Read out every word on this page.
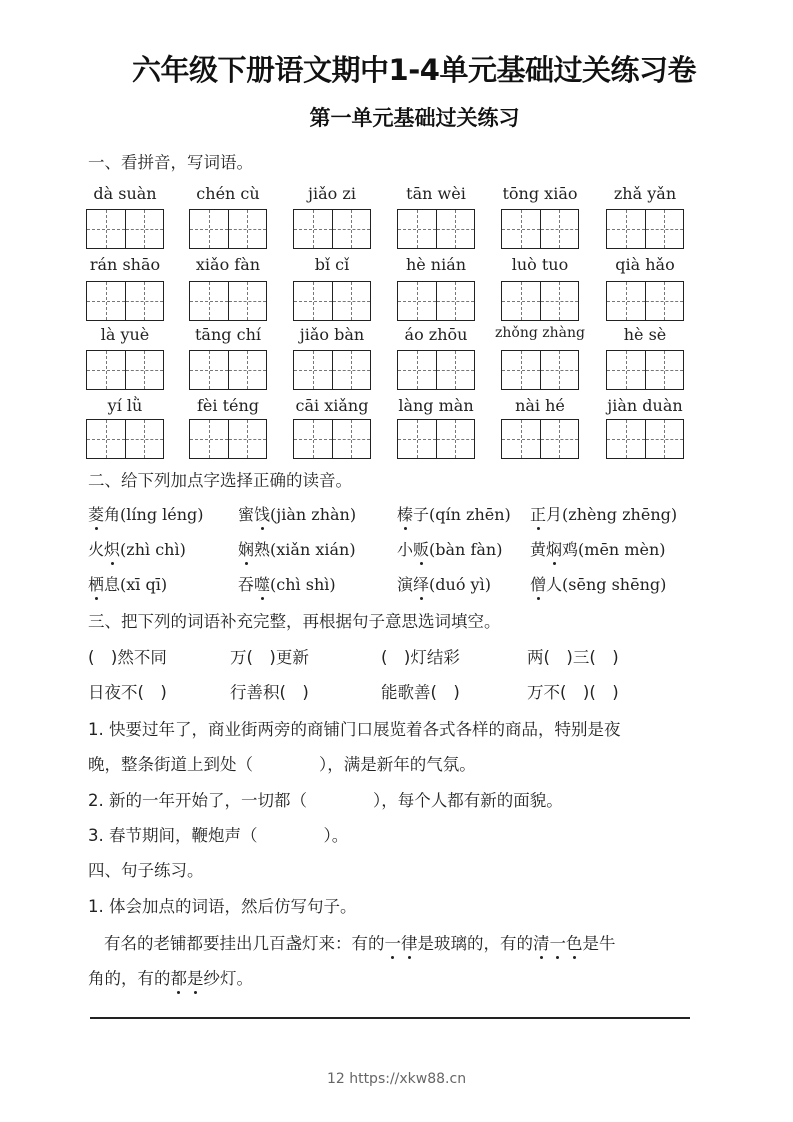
六年级下册语文期中1-4单元基础过关练习卷
第一单元基础过关练习
一、看拼音，写词语。
dà suàn	chén cù	jiǎo zi	tān wèi	tōng xiāo	zhǎ yǎn
rán shāo	xiǎo fàn	bǐ cǐ	hè nián	luò tuo	qià hǎo
là yuè	tāng chí	jiǎo bàn	áo zhōu	zhǒng zhàng	hè sè
yí lǜ	fèi téng	cāi xiǎng	làng màn	nài hé	jiàn duàn
二、给下列加点字选择正确的读音。
菱角(líng léng) 蜜饯(jiàn zhàn)	榛子(qín zhēn) 正月(zhèng zhēng)
火炽(zhì chì)	娴熟(xiǎn xián)	小贩(bàn fàn) 黄焖鸡(mēn mèn)
栖息(xī qī)	吞噬(chì shì)	演绎(duó yì) 僧人(sēng shēng)
三、把下列的词语补充完整，再根据句子意思选词填空。
(　)然不同	万(　)更新	(　)灯结彩	两(　)三(　)
日夜不(　)	行善积(　)	能歌善(　)	万不(　)(　)
1. 快要过年了，商业街两旁的商铺门口展览着各式各样的商品，特别是夜
晚，整条街道上到处（　　　　），满是新年的气氛。
2. 新的一年开始了，一切都（　　　　），每个人都有新的面貌。
3. 春节期间，鞭炮声（　　　　）。
四、句子练习。
1. 体会加点的词语，然后仿写句子。
有名的老铺都要挂出几百盏灯来：有的一律是玻璃的，有的清一色是牛
角的，有的都是纱灯。
12 https://xkw88.cn
